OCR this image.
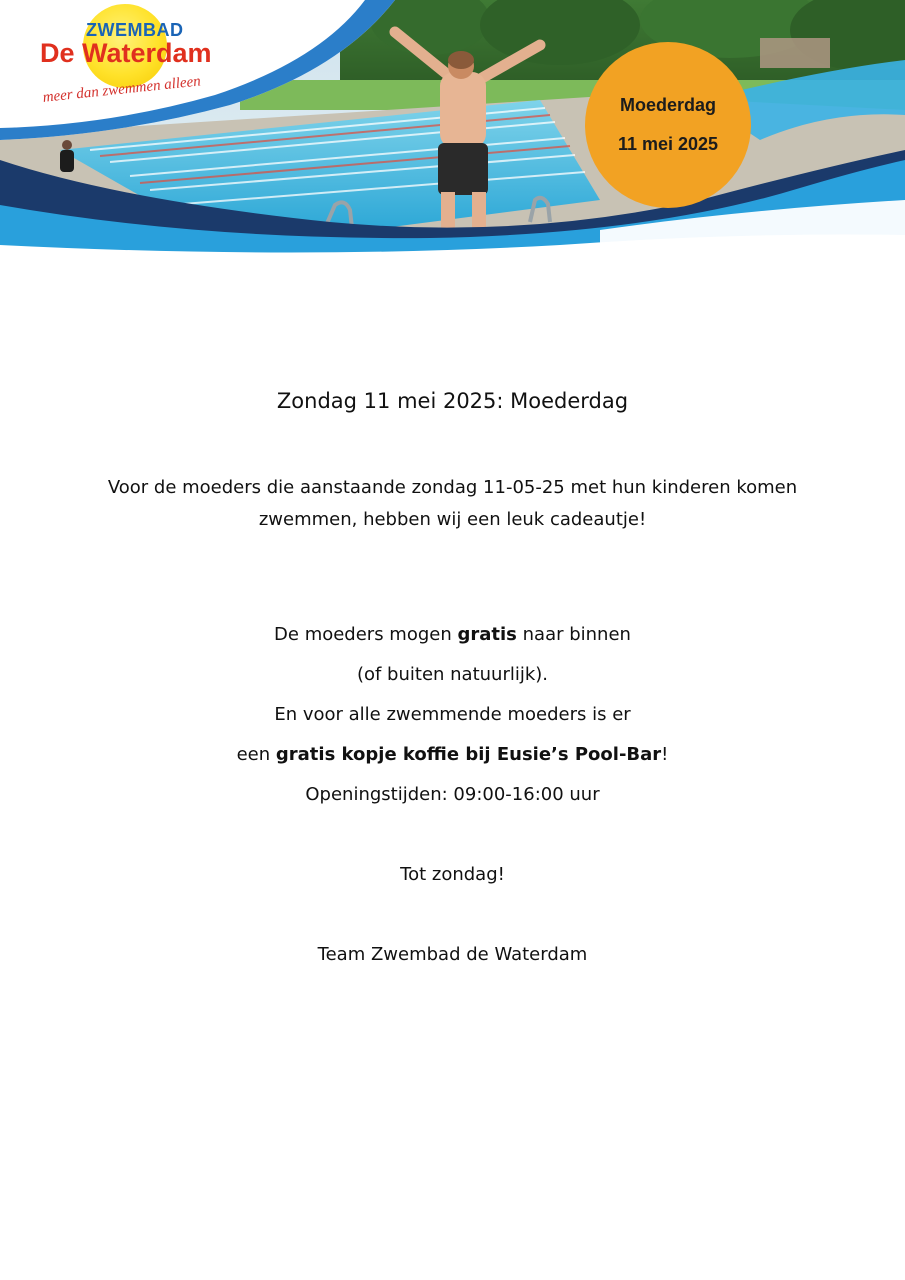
ZWEMBAD
De Waterdam
meer dan zwemmen alleen	Moederdag
11 mei 2025
Zondag 11 mei 2025: Moederdag
Voor de moeders die aanstaande zondag 11-05-25 met hun kinderen komen
zwemmen, hebben wij een leuk cadeautje!
De moeders mogen gratis naar binnen
(of buiten natuurlijk).
En voor alle zwemmende moeders is er
een gratis kopje koffie bij Eusie’s Pool-Bar!
Openingstijden: 09:00-16:00 uur
Tot zondag!
Team Zwembad de Waterdam
